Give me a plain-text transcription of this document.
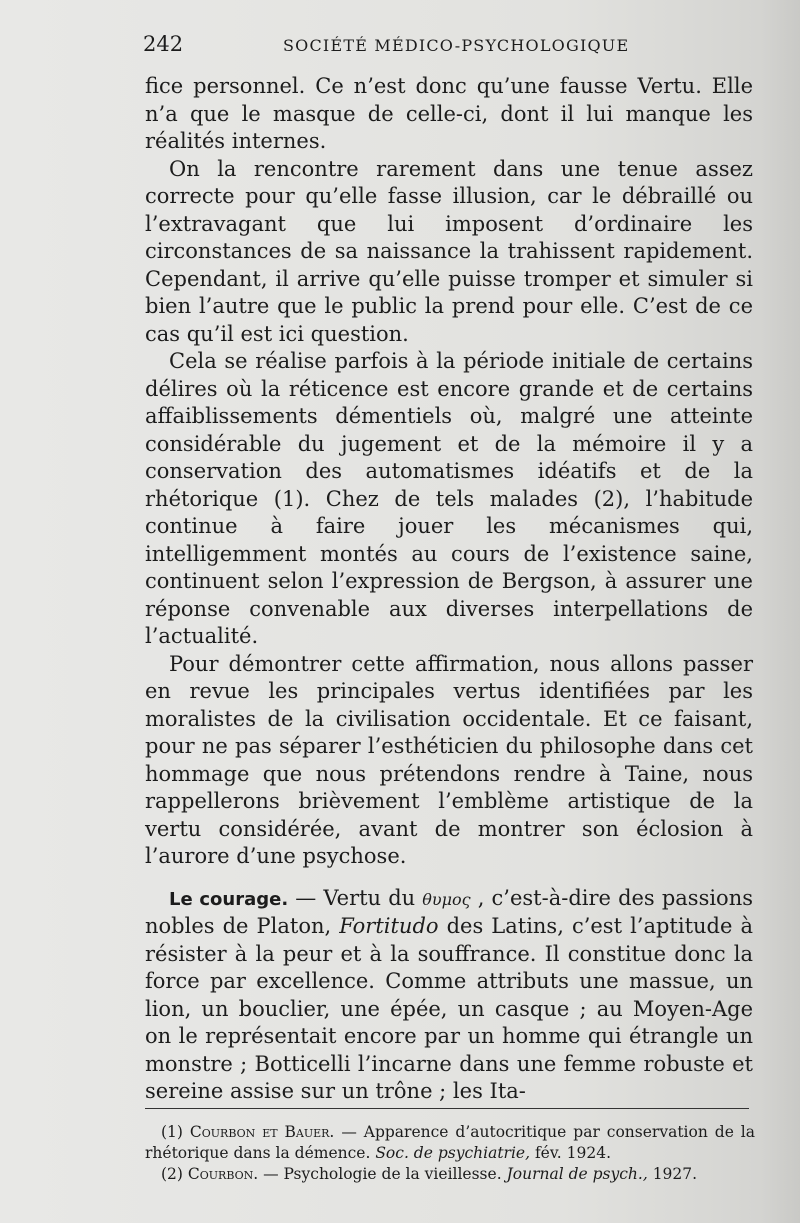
242	SOCIÉTÉ MÉDICO-PSYCHOLOGIQUE

fice personnel. Ce n’est donc qu’une fausse Vertu. Elle n’a que le masque de celle-ci, dont il lui manque les réalités internes.

On la rencontre rarement dans une tenue assez correcte pour qu’elle fasse illusion, car le débraillé ou l’extravagant que lui imposent d’ordinaire les circonstances de sa naissance la trahissent rapidement. Cependant, il arrive qu’elle puisse tromper et simuler si bien l’autre que le public la prend pour elle. C’est de ce cas qu’il est ici question.

Cela se réalise parfois à la période initiale de certains délires où la réticence est encore grande et de certains affaiblissements démentiels où, malgré une atteinte considérable du jugement et de la mémoire il y a conservation des automatismes idéatifs et de la rhétorique (1). Chez de tels malades (2), l’habitude continue à faire jouer les mécanismes qui, intelligemment montés au cours de l’existence saine, continuent selon l’expression de Bergson, à assurer une réponse convenable aux diverses interpellations de l’actualité.

Pour démontrer cette affirmation, nous allons passer en revue les principales vertus identifiées par les moralistes de la civilisation occidentale. Et ce faisant, pour ne pas séparer l’esthéticien du philosophe dans cet hommage que nous prétendons rendre à Taine, nous rappellerons brièvement l’emblème artistique de la vertu considérée, avant de montrer son éclosion à l’aurore d’une psychose.

Le courage. — Vertu du θυμος , c’est-à-dire des passions nobles de Platon, Fortitudo des Latins, c’est l’aptitude à résister à la peur et à la souffrance. Il constitue donc la force par excellence. Comme attributs une massue, un lion, un bouclier, une épée, un casque ; au Moyen-Age on le représentait encore par un homme qui étrangle un monstre ; Botticelli l’incarne dans une femme robuste et sereine assise sur un trône ; les Ita-

(1) Courbon et Bauer. — Apparence d’autocritique par conservation de la rhétorique dans la démence. Soc. de psychiatrie, fév. 1924.

(2) Courbon. — Psychologie de la vieillesse. Journal de psych., 1927.
